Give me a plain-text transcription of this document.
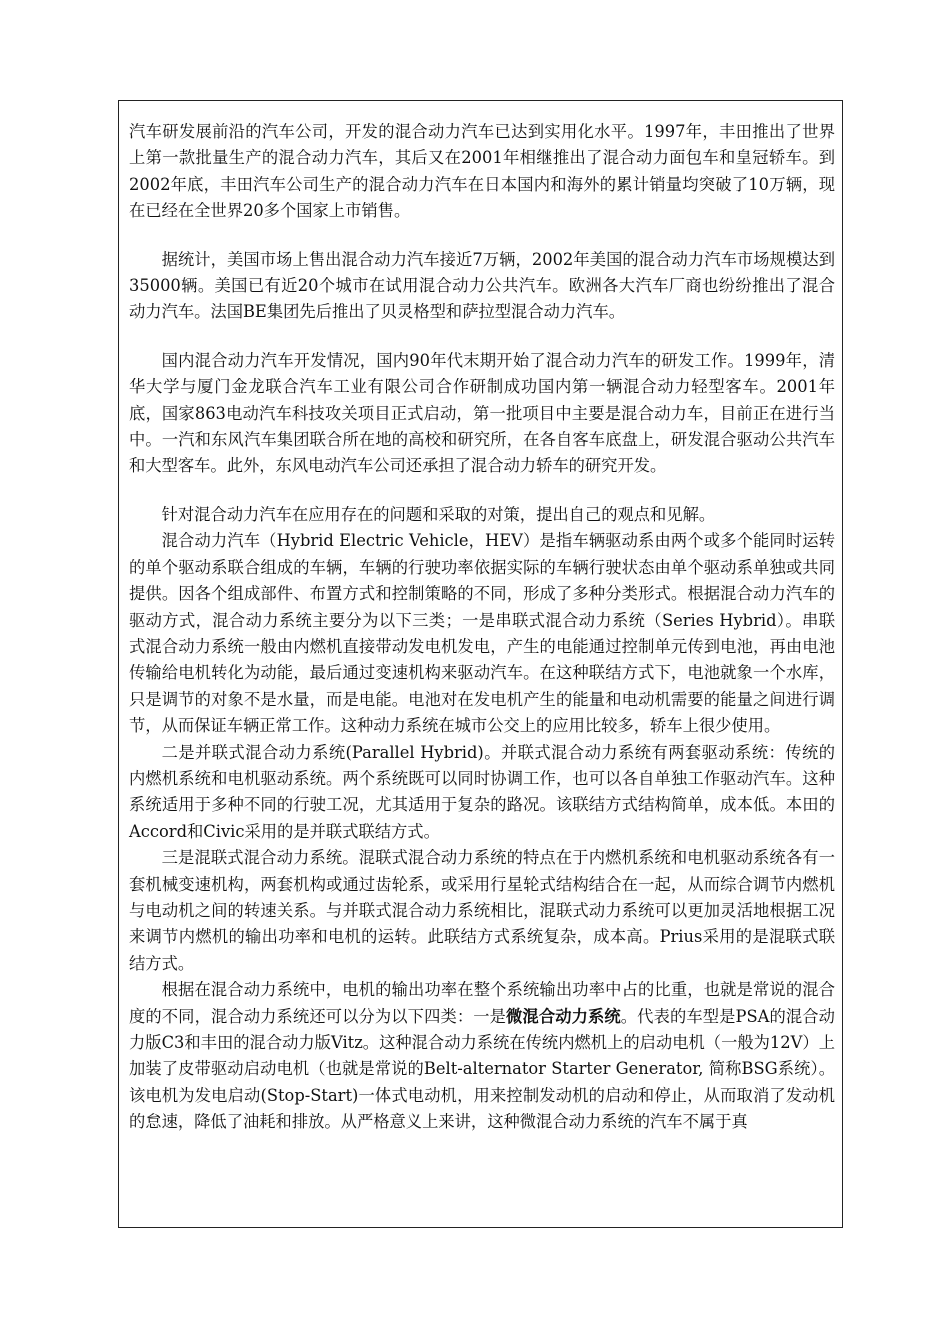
汽车研发展前沿的汽车公司，开发的混合动力汽车已达到实用化水平。1997年，丰田推出了世界上第一款批量生产的混合动力汽车，其后又在2001年相继推出了混合动力面包车和皇冠轿车。到2002年底，丰田汽车公司生产的混合动力汽车在日本国内和海外的累计销量均突破了10万辆，现在已经在全世界20多个国家上市销售。

据统计，美国市场上售出混合动力汽车接近7万辆，2002年美国的混合动力汽车市场规模达到35000辆。美国已有近20个城市在试用混合动力公共汽车。欧洲各大汽车厂商也纷纷推出了混合动力汽车。法国BE集团先后推出了贝灵格型和萨拉型混合动力汽车。

国内混合动力汽车开发情况，国内90年代末期开始了混合动力汽车的研发工作。1999年，清华大学与厦门金龙联合汽车工业有限公司合作研制成功国内第一辆混合动力轻型客车。2001年底，国家863电动汽车科技攻关项目正式启动，第一批项目中主要是混合动力车，目前正在进行当中。一汽和东风汽车集团联合所在地的高校和研究所，在各自客车底盘上，研发混合驱动公共汽车和大型客车。此外，东风电动汽车公司还承担了混合动力轿车的研究开发。

针对混合动力汽车在应用存在的问题和采取的对策，提出自己的观点和见解。

混合动力汽车（Hybrid Electric Vehicle，HEV）是指车辆驱动系由两个或多个能同时运转的单个驱动系联合组成的车辆，车辆的行驶功率依据实际的车辆行驶状态由单个驱动系单独或共同提供。因各个组成部件、布置方式和控制策略的不同，形成了多种分类形式。根据混合动力汽车的驱动方式，混合动力系统主要分为以下三类；一是串联式混合动力系统（Series Hybrid）。串联式混合动力系统一般由内燃机直接带动发电机发电，产生的电能通过控制单元传到电池，再由电池传输给电机转化为动能，最后通过变速机构来驱动汽车。在这种联结方式下，电池就象一个水库，只是调节的对象不是水量，而是电能。电池对在发电机产生的能量和电动机需要的能量之间进行调节，从而保证车辆正常工作。这种动力系统在城市公交上的应用比较多，轿车上很少使用。

二是并联式混合动力系统(Parallel Hybrid)。并联式混合动力系统有两套驱动系统：传统的内燃机系统和电机驱动系统。两个系统既可以同时协调工作，也可以各自单独工作驱动汽车。这种系统适用于多种不同的行驶工况，尤其适用于复杂的路况。该联结方式结构简单，成本低。本田的Accord和Civic采用的是并联式联结方式。

三是混联式混合动力系统。混联式混合动力系统的特点在于内燃机系统和电机驱动系统各有一套机械变速机构，两套机构或通过齿轮系，或采用行星轮式结构结合在一起，从而综合调节内燃机与电动机之间的转速关系。与并联式混合动力系统相比，混联式动力系统可以更加灵活地根据工况来调节内燃机的输出功率和电机的运转。此联结方式系统复杂，成本高。Prius采用的是混联式联结方式。

根据在混合动力系统中，电机的输出功率在整个系统输出功率中占的比重，也就是常说的混合度的不同，混合动力系统还可以分为以下四类：一是微混合动力系统。代表的车型是PSA的混合动力版C3和丰田的混合动力版Vitz。这种混合动力系统在传统内燃机上的启动电机（一般为12V）上加装了皮带驱动启动电机（也就是常说的Belt-alternator Starter Generator, 简称BSG系统）。该电机为发电启动(Stop-Start)一体式电动机，用来控制发动机的启动和停止，从而取消了发动机的怠速，降低了油耗和排放。从严格意义上来讲，这种微混合动力系统的汽车不属于真
